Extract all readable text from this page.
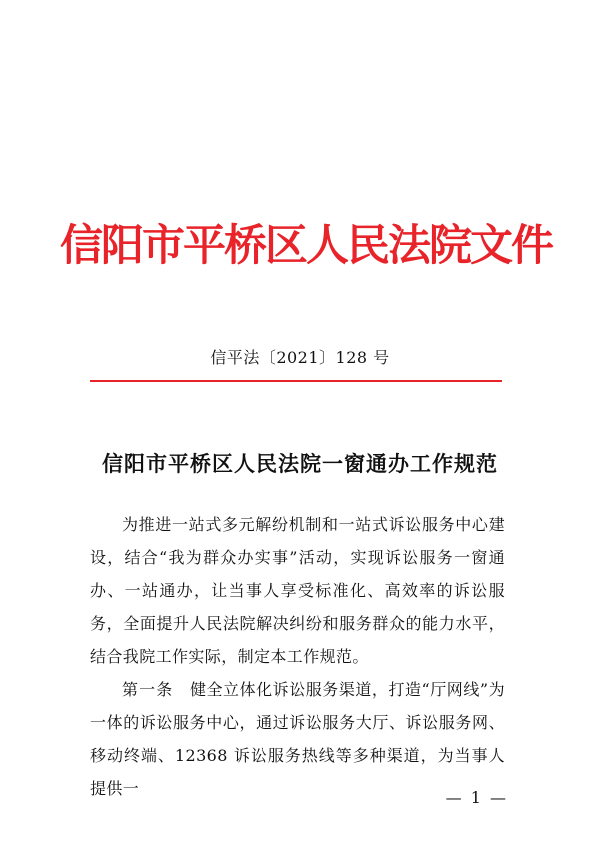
信阳市平桥区人民法院文件
信平法〔2021〕128 号
信阳市平桥区人民法院一窗通办工作规范

为推进一站式多元解纷机制和一站式诉讼服务中心建设，结合“我为群众办实事”活动，实现诉讼服务一窗通办、一站通办，让当事人享受标准化、高效率的诉讼服务，全面提升人民法院解决纠纷和服务群众的能力水平，结合我院工作实际，制定本工作规范。

第一条　 健全立体化诉讼服务渠道，打造“厅网线”为一体的诉讼服务中心，通过诉讼服务大厅、诉讼服务网、移动终端、12368 诉讼服务热线等多种渠道，为当事人提供一	— 1 —
